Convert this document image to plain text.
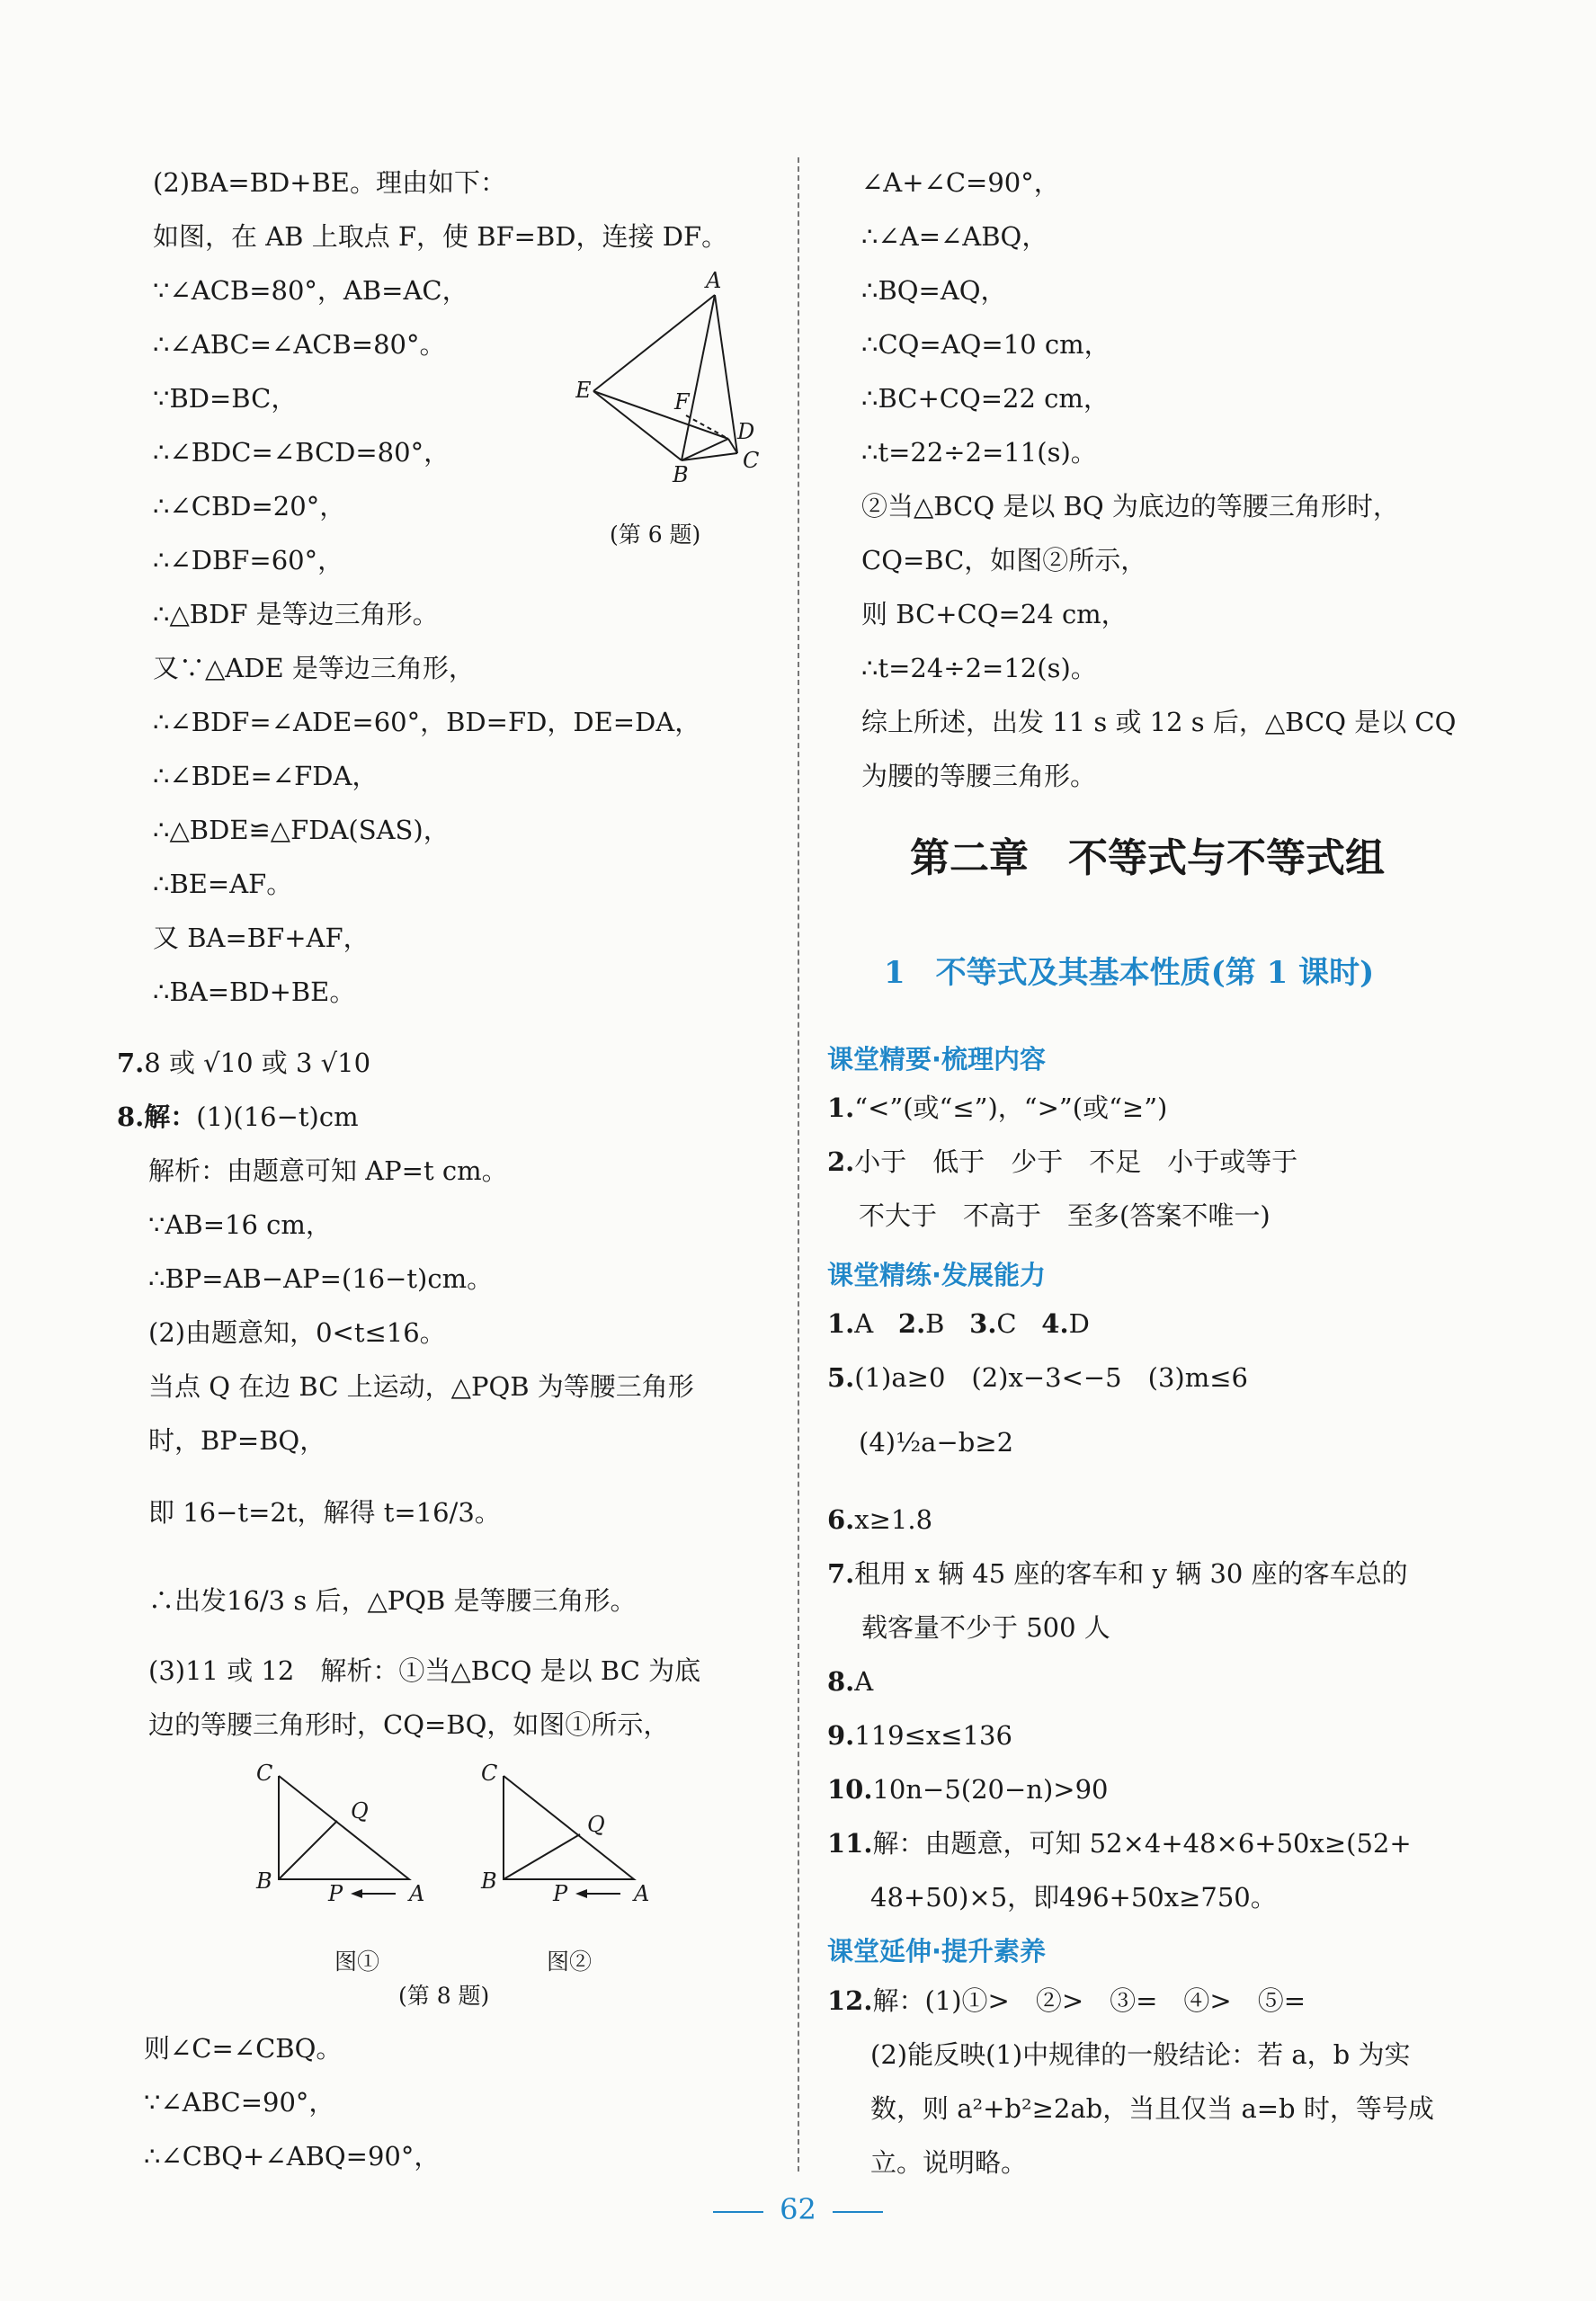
(2)BA=BD+BE。理由如下：
如图，在 AB 上取点 F，使 BF=BD，连接 DF。
∵∠ACB=80°，AB=AC，
∴∠ABC=∠ACB=80°。
∵BD=BC，
∴∠BDC=∠BCD=80°，
∴∠CBD=20°，
∴∠DBF=60°，
∴△BDF 是等边三角形。
又∵△ADE 是等边三角形，
∴∠BDF=∠ADE=60°，BD=FD，DE=DA，
∴∠BDE=∠FDA，
∴△BDE≌△FDA(SAS)，
∴BE=AF。
又 BA=BF+AF，
∴BA=BD+BE。
A
E	F
D
B
C
(第 6 题)
7.8 或 √10 或 3 √10
8.解：(1)(16−t)cm
解析：由题意可知 AP=t cm。
∵AB=16 cm，
∴BP=AB−AP=(16−t)cm。
(2)由题意知，0<t≤16。
当点 Q 在边 BC 上运动，△PQB 为等腰三角形
时，BP=BQ，
即 16−t=2t，解得 t=16/3。
∴出发16/3 s 后，△PQB 是等腰三角形。
(3)11 或 12　解析：①当△BCQ 是以 BC 为底
边的等腰三角形时，CQ=BQ，如图①所示，
C
Q
B	P	A
C
Q
B	P	A
图①	图②
(第 8 题)
则∠C=∠CBQ。
∵∠ABC=90°，
∴∠CBQ+∠ABQ=90°，
∠A+∠C=90°，
∴∠A=∠ABQ，
∴BQ=AQ，
∴CQ=AQ=10 cm，
∴BC+CQ=22 cm，
∴t=22÷2=11(s)。
②当△BCQ 是以 BQ 为底边的等腰三角形时，
CQ=BC，如图②所示，
则 BC+CQ=24 cm，
∴t=24÷2=12(s)。
综上所述，出发 11 s 或 12 s 后，△BCQ 是以 CQ
为腰的等腰三角形。
第二章　不等式与不等式组
1　不等式及其基本性质(第 1 课时)
课堂精要·梳理内容
1.“<”(或“≤”)，“>”(或“≥”)
2.小于　低于　少于　不足　小于或等于
不大于　不高于　至多(答案不唯一)
课堂精练·发展能力
1.A 2.B 3.C 4.D
5.(1)a≥0　(2)x−3<−5　(3)m≤6
(4)½a−b≥2
6.x≥1.8
7.租用 x 辆 45 座的客车和 y 辆 30 座的客车总的
载客量不少于 500 人
8.A
9.119≤x≤136
10.10n−5(20−n)>90
11.解：由题意，可知 52×4+48×6+50x≥(52+
48+50)×5，即496+50x≥750。
课堂延伸·提升素养
12.解：(1)①>　②>　③=　④>　⑤=
(2)能反映(1)中规律的一般结论：若 a，b 为实
数，则 a²+b²≥2ab，当且仅当 a=b 时，等号成
立。说明略。
62
